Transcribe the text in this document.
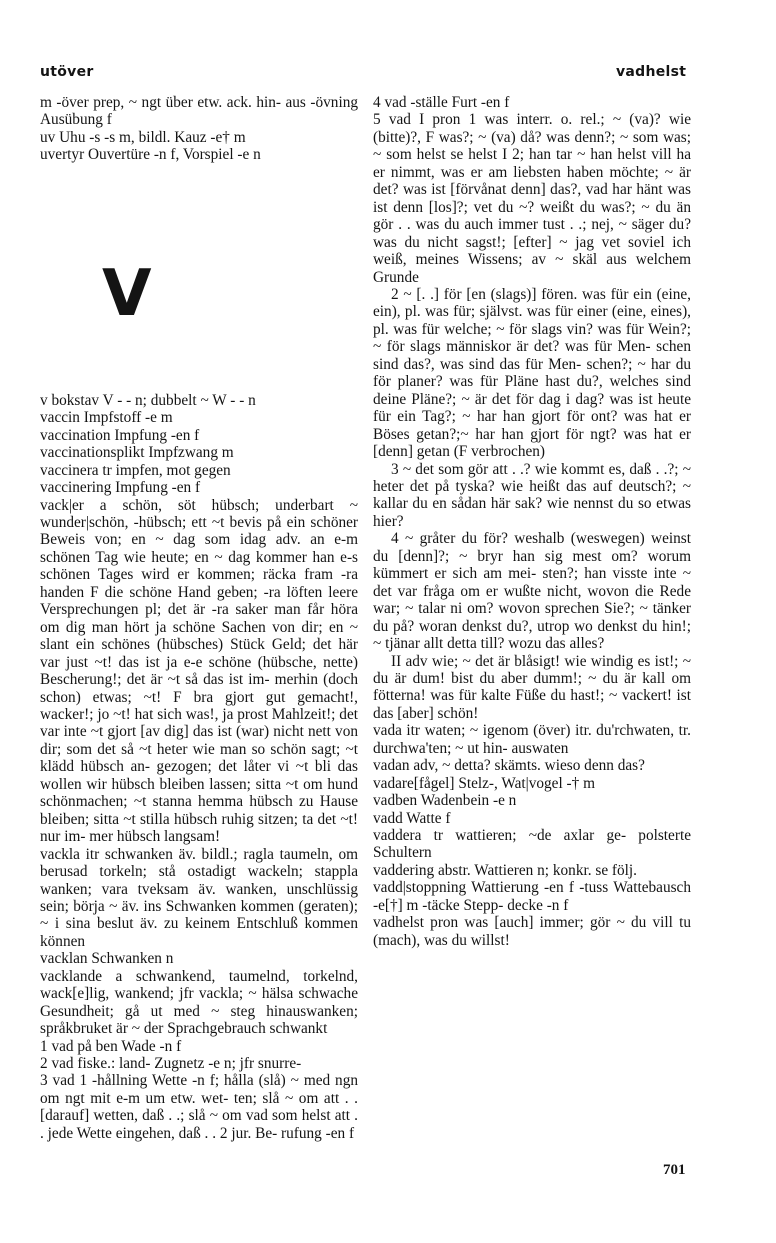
utöver	vadhelst

m -över prep, ~ ngt über etw. ack. hin- aus -övning Ausübung f

uv Uhu -s -s m, bildl. Kauz -e† m

uvertyr Ouvertüre -n f, Vorspiel -e n

V

v bokstav V - - n; dubbelt ~ W - - n

vaccin Impfstoff -e m

vaccination Impfung -en f

vaccinationsplikt Impfzwang m

vaccinera tr impfen, mot gegen

vaccinering Impfung -en f

vack|er a schön, söt hübsch; underbart ~ wunder|schön, -hübsch; ett ~t bevis på ein schöner Beweis von; en ~ dag som idag adv. an e-m schönen Tag wie heute; en ~ dag kommer han e-s schönen Tages wird er kommen; räcka fram -ra handen F die schöne Hand geben; -ra löften leere Versprechungen pl; det är -ra saker man får höra om dig man hört ja schöne Sachen von dir; en ~ slant ein schönes (hübsches) Stück Geld; det här var just ~t! das ist ja e-e schöne (hübsche, nette) Bescherung!; det är ~t så das ist im- merhin (doch schon) etwas; ~t! F bra gjort gut gemacht!, wacker!; jo ~t! hat sich was!, ja prost Mahlzeit!; det var inte ~t gjort [av dig] das ist (war) nicht nett von dir; som det så ~t heter wie man so schön sagt; ~t klädd hübsch an- gezogen; det låter vi ~t bli das wollen wir hübsch bleiben lassen; sitta ~t om hund schönmachen; ~t stanna hemma hübsch zu Hause bleiben; sitta ~t stilla hübsch ruhig sitzen; ta det ~t! nur im- mer hübsch langsam!

vackla itr schwanken äv. bildl.; ragla taumeln, om berusad torkeln; stå ostadigt wackeln; stappla wanken; vara tveksam äv. wanken, unschlüssig sein; börja ~ äv. ins Schwanken kommen (geraten); ~ i sina beslut äv. zu keinem Entschluß kommen können

vacklan Schwanken n

vacklande a schwankend, taumelnd, torkelnd, wack[e]lig, wankend; jfr vackla; ~ hälsa schwache Gesundheit; gå ut med ~ steg hinauswanken; språkbruket är ~ der Sprachgebrauch schwankt

1 vad på ben Wade -n f

2 vad fiske.: land- Zugnetz -e n; jfr snurre-

3 vad 1 -hållning Wette -n f; hålla (slå) ~ med ngn om ngt mit e-m um etw. wet- ten; slå ~ om att . . [darauf] wetten, daß . .; slå ~ om vad som helst att . . jede Wette eingehen, daß . . 2 jur. Be- rufung -en f

4 vad -ställe Furt -en f

5 vad I pron 1 was interr. o. rel.; ~ (va)? wie (bitte)?, F was?; ~ (va) då? was denn?; ~ som was; ~ som helst se helst I 2; han tar ~ han helst vill ha er nimmt, was er am liebsten haben möchte; ~ är det? was ist [förvånat denn] das?, vad har hänt was ist denn [los]?; vet du ~? weißt du was?; ~ du än gör . . was du auch immer tust . .; nej, ~ säger du? was du nicht sagst!; [efter] ~ jag vet soviel ich weiß, meines Wissens; av ~ skäl aus welchem Grunde

2 ~ [. .] för [en (slags)] fören. was für ein (eine, ein), pl. was für; självst. was für einer (eine, eines), pl. was für welche; ~ för slags vin? was für Wein?; ~ för slags människor är det? was für Men- schen sind das?, was sind das für Men- schen?; ~ har du för planer? was für Pläne hast du?, welches sind deine Pläne?; ~ är det för dag i dag? was ist heute für ein Tag?; ~ har han gjort för ont? was hat er Böses getan?;~ har han gjort för ngt? was hat er [denn] getan (F verbrochen)

3 ~ det som gör att . .? wie kommt es, daß . .?; ~ heter det på tyska? wie heißt das auf deutsch?; ~ kallar du en sådan här sak? wie nennst du so etwas hier?

4 ~ gråter du för? weshalb (weswegen) weinst du [denn]?; ~ bryr han sig mest om? worum kümmert er sich am mei- sten?; han visste inte ~ det var fråga om er wußte nicht, wovon die Rede war; ~ talar ni om? wovon sprechen Sie?; ~ tänker du på? woran denkst du?, utrop wo denkst du hin!; ~ tjänar allt detta till? wozu das alles?

II adv wie; ~ det är blåsigt! wie windig es ist!; ~ du är dum! bist du aber dumm!; ~ du är kall om fötterna! was für kalte Füße du hast!; ~ vackert! ist das [aber] schön!

vada itr waten; ~ igenom (över) itr. du'rchwaten, tr. durchwa'ten; ~ ut hin- auswaten

vadan adv, ~ detta? skämts. wieso denn das?

vadare[fågel] Stelz-, Wat|vogel -† m

vadben Wadenbein -e n

vadd Watte f

vaddera tr wattieren; ~de axlar ge- polsterte Schultern

vaddering abstr. Wattieren n; konkr. se följ.

vadd|stoppning Wattierung -en f -tuss Wattebausch -e[†] m -täcke Stepp- decke -n f

vadhelst pron was [auch] immer; gör ~ du vill tu (mach), was du willst!

701
